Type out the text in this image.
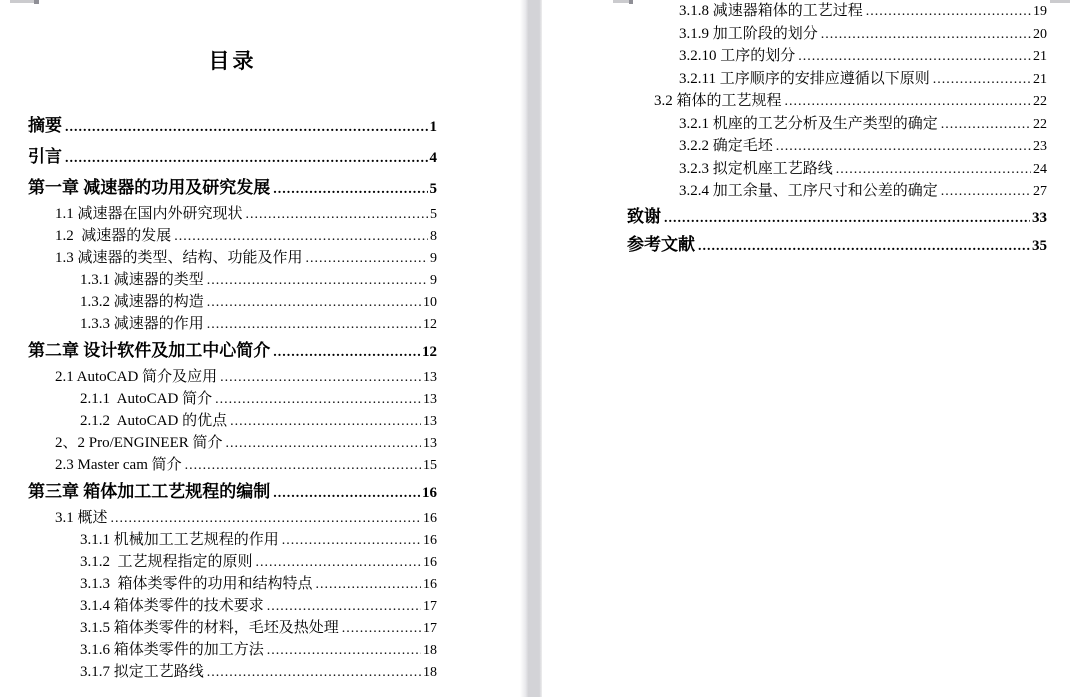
目录
摘要 .....	1
引言 .....	4
第一章 减速器的功用及研究发展 .....	5
1.1 减速器在国内外研究现状 .....	5
1.2  减速器的发展 .....	8
1.3 减速器的类型、结构、功能及作用 .....	9
1.3.1 减速器的类型 .....	9
1.3.2 减速器的构造 .....	10
1.3.3 减速器的作用 .....	12
第二章 设计软件及加工中心简介 .....	12
2.1 AutoCAD 简介及应用 .....	13
2.1.1  AutoCAD 简介 .....	13
2.1.2  AutoCAD 的优点 .....	13
2、2 Pro/ENGINEER 简介 .....	13
2.3 Master cam 简介 .....	15
第三章 箱体加工工艺规程的编制 .....	16
3.1 概述 .....	16
3.1.1 机械加工工艺规程的作用 .....	16
3.1.2  工艺规程指定的原则 .....	16
3.1.3  箱体类零件的功用和结构特点 .....	16
3.1.4 箱体类零件的技术要求 .....	17
3.1.5 箱体类零件的材料，毛坯及热处理 .....	17
3.1.6 箱体类零件的加工方法 .....	18
3.1.7 拟定工艺路线 .....	18
3.1.8 减速器箱体的工艺过程 .....	19
3.1.9 加工阶段的划分 .....	20
3.2.10 工序的划分 .....	21
3.2.11 工序顺序的安排应遵循以下原则 .....	21
3.2 箱体的工艺规程 .....	22
3.2.1 机座的工艺分析及生产类型的确定 .....	22
3.2.2 确定毛坯 .....	23
3.2.3 拟定机座工艺路线 .....	24
3.2.4 加工余量、工序尺寸和公差的确定 .....	27
致谢 .....	33
参考文献 .....	35
